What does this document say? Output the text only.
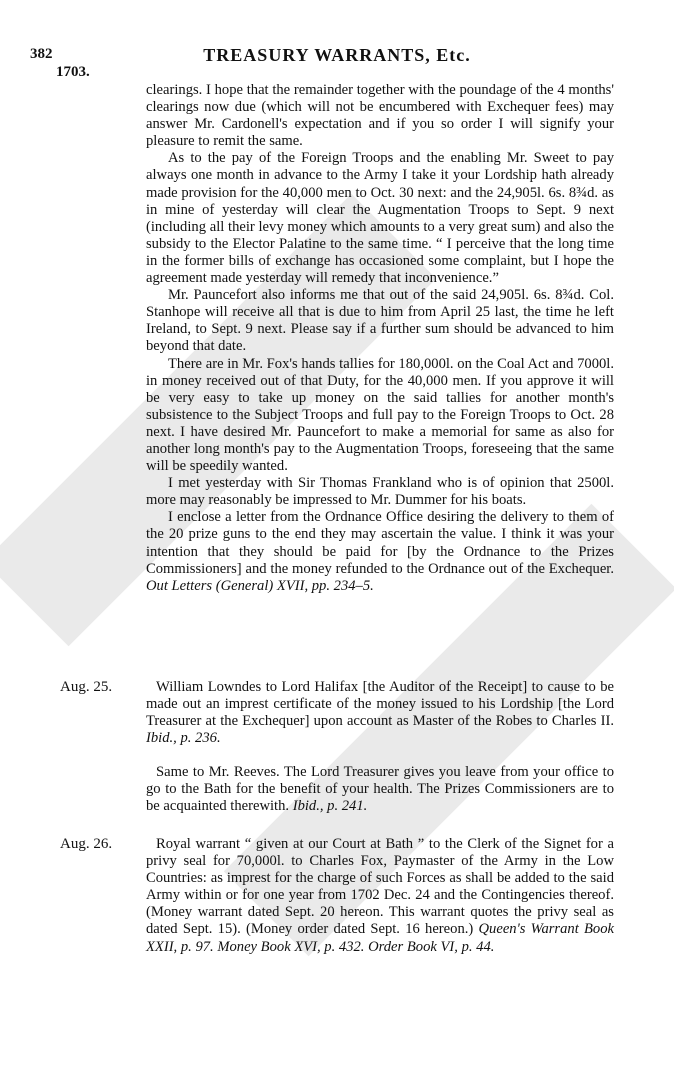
382
1703.
TREASURY WARRANTS, Etc.

clearings. I hope that the remainder together with the poundage of the 4 months' clearings now due (which will not be encumbered with Exchequer fees) may answer Mr. Cardonell's expectation and if you so order I will signify your pleasure to remit the same.

As to the pay of the Foreign Troops and the enabling Mr. Sweet to pay always one month in advance to the Army I take it your Lordship hath already made provision for the 40,000 men to Oct. 30 next: and the 24,905l. 6s. 8¾d. as in mine of yesterday will clear the Augmentation Troops to Sept. 9 next (including all their levy money which amounts to a very great sum) and also the subsidy to the Elector Palatine to the same time. “ I perceive that the long time in the former bills of exchange has occasioned some complaint, but I hope the agreement made yesterday will remedy that inconvenience.”

Mr. Pauncefort also informs me that out of the said 24,905l. 6s. 8¾d. Col. Stanhope will receive all that is due to him from April 25 last, the time he left Ireland, to Sept. 9 next. Please say if a further sum should be advanced to him beyond that date.

There are in Mr. Fox's hands tallies for 180,000l. on the Coal Act and 7000l. in money received out of that Duty, for the 40,000 men. If you approve it will be very easy to take up money on the said tallies for another month's subsistence to the Subject Troops and full pay to the Foreign Troops to Oct. 28 next. I have desired Mr. Pauncefort to make a memorial for same as also for another long month's pay to the Augmentation Troops, foreseeing that the same will be speedily wanted.

I met yesterday with Sir Thomas Frankland who is of opinion that 2500l. more may reasonably be impressed to Mr. Dummer for his boats.

I enclose a letter from the Ordnance Office desiring the delivery to them of the 20 prize guns to the end they may ascertain the value. I think it was your intention that they should be paid for [by the Ordnance to the Prizes Commissioners] and the money refunded to the Ordnance out of the Exchequer. Out Letters (General) XVII, pp. 234–5.

Aug. 25.	William Lowndes to Lord Halifax [the Auditor of the Receipt] to cause to be made out an imprest certificate of the money issued to his Lordship [the Lord Treasurer at the Exchequer] upon account as Master of the Robes to Charles II. Ibid., p. 236.

Same to Mr. Reeves. The Lord Treasurer gives you leave from your office to go to the Bath for the benefit of your health. The Prizes Commissioners are to be acquainted therewith. Ibid., p. 241.

Aug. 26.	Royal warrant “ given at our Court at Bath ” to the Clerk of the Signet for a privy seal for 70,000l. to Charles Fox, Paymaster of the Army in the Low Countries: as imprest for the charge of such Forces as shall be added to the said Army within or for one year from 1702 Dec. 24 and the Contingencies thereof. (Money warrant dated Sept. 20 hereon. This warrant quotes the privy seal as dated Sept. 15). (Money order dated Sept. 16 hereon.) Queen's Warrant Book XXII, p. 97. Money Book XVI, p. 432. Order Book VI, p. 44.
